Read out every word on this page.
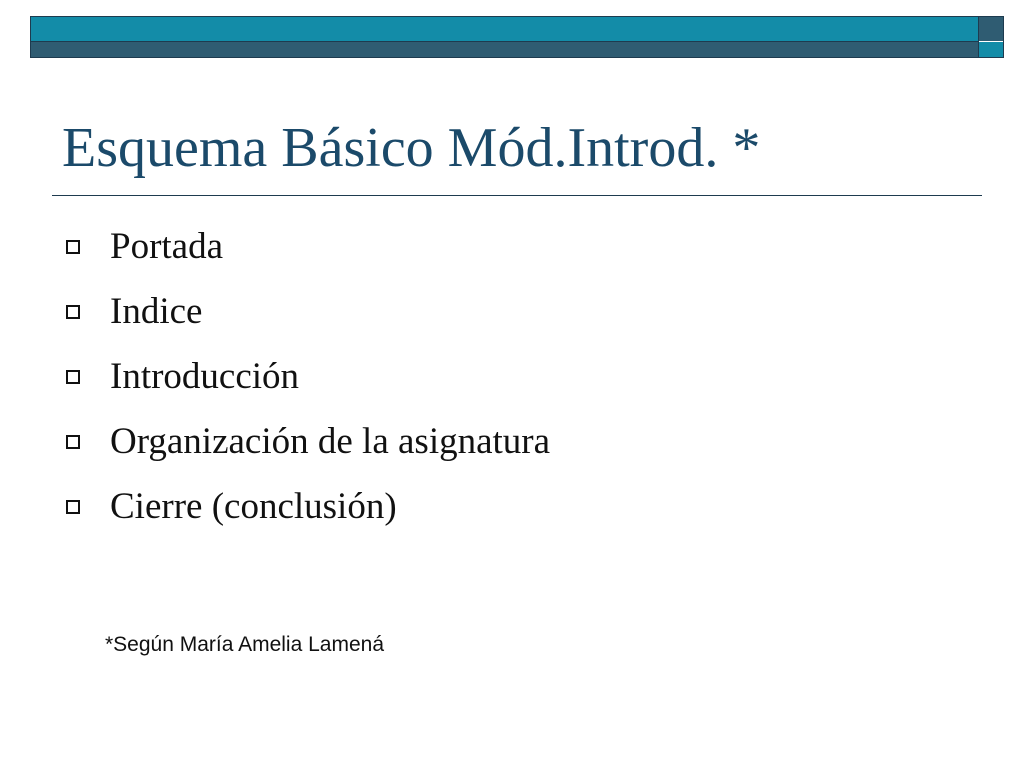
Esquema Básico Mód.Introd. *
Portada
Indice
Introducción
Organización de la asignatura
Cierre (conclusión)
*Según María Amelia Lamená
